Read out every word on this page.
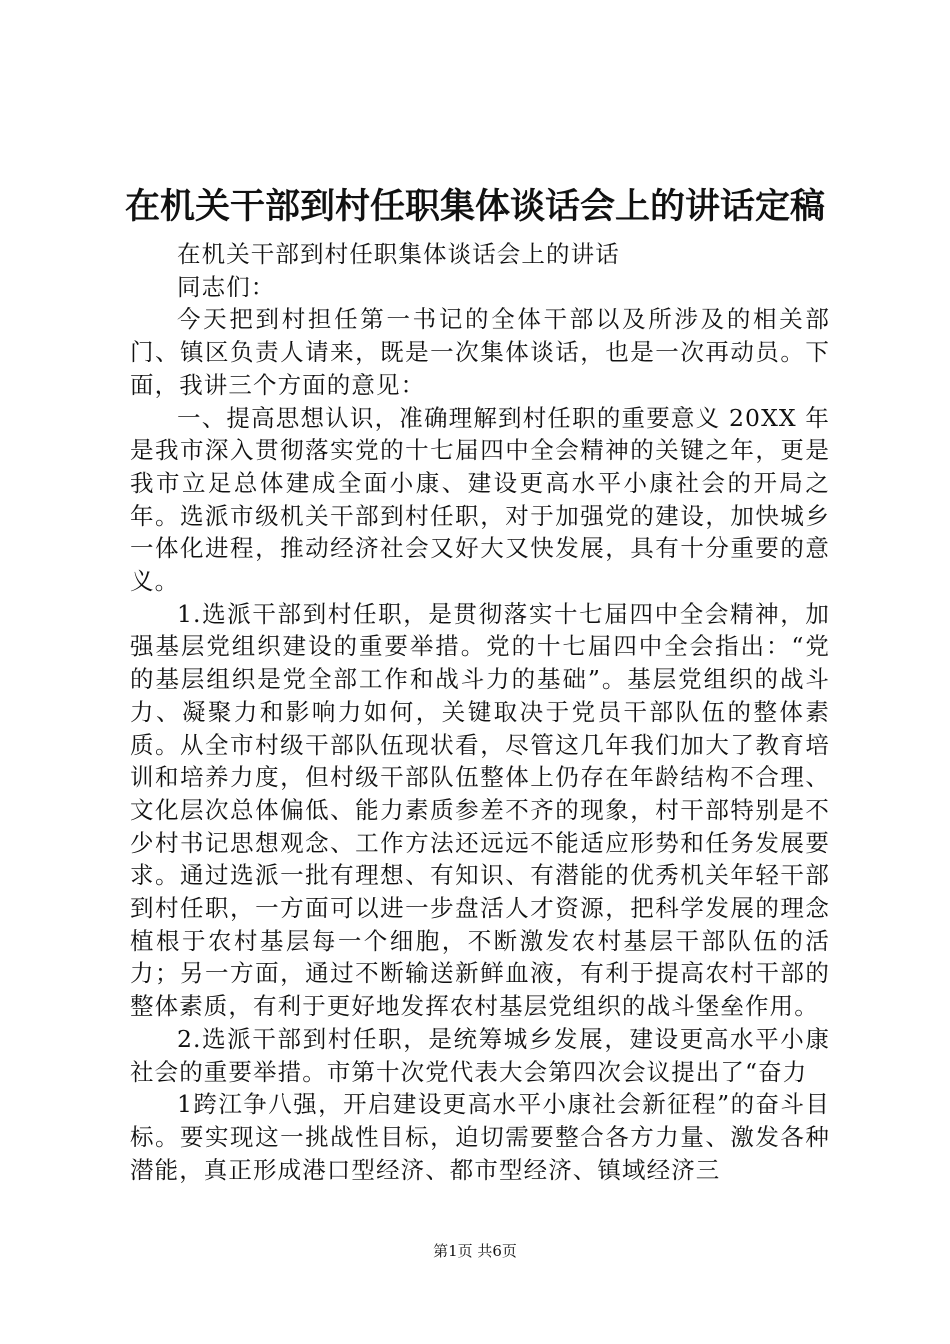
在机关干部到村任职集体谈话会上的讲话定稿

在机关干部到村任职集体谈话会上的讲话

同志们：

今天把到村担任第一书记的全体干部以及所涉及的相关部门、镇区负责人请来，既是一次集体谈话，也是一次再动员。下面，我讲三个方面的意见：

一、提高思想认识，准确理解到村任职的重要意义 20XX 年是我市深入贯彻落实党的十七届四中全会精神的关键之年，更是我市立足总体建成全面小康、建设更高水平小康社会的开局之年。选派市级机关干部到村任职，对于加强党的建设，加快城乡一体化进程，推动经济社会又好大又快发展，具有十分重要的意义。

1.选派干部到村任职，是贯彻落实十七届四中全会精神，加强基层党组织建设的重要举措。党的十七届四中全会指出：“党的基层组织是党全部工作和战斗力的基础”。基层党组织的战斗力、凝聚力和影响力如何，关键取决于党员干部队伍的整体素质。从全市村级干部队伍现状看，尽管这几年我们加大了教育培训和培养力度，但村级干部队伍整体上仍存在年龄结构不合理、文化层次总体偏低、能力素质参差不齐的现象，村干部特别是不少村书记思想观念、工作方法还远远不能适应形势和任务发展要求。通过选派一批有理想、有知识、有潜能的优秀机关年轻干部到村任职，一方面可以进一步盘活人才资源，把科学发展的理念植根于农村基层每一个细胞，不断激发农村基层干部队伍的活力；另一方面，通过不断输送新鲜血液，有利于提高农村干部的整体素质，有利于更好地发挥农村基层党组织的战斗堡垒作用。

2.选派干部到村任职，是统筹城乡发展，建设更高水平小康社会的重要举措。市第十次党代表大会第四次会议提出了“奋力

1跨江争八强，开启建设更高水平小康社会新征程”的奋斗目标。要实现这一挑战性目标，迫切需要整合各方力量、激发各种潜能，真正形成港口型经济、都市型经济、镇域经济三

第1页 共6页
